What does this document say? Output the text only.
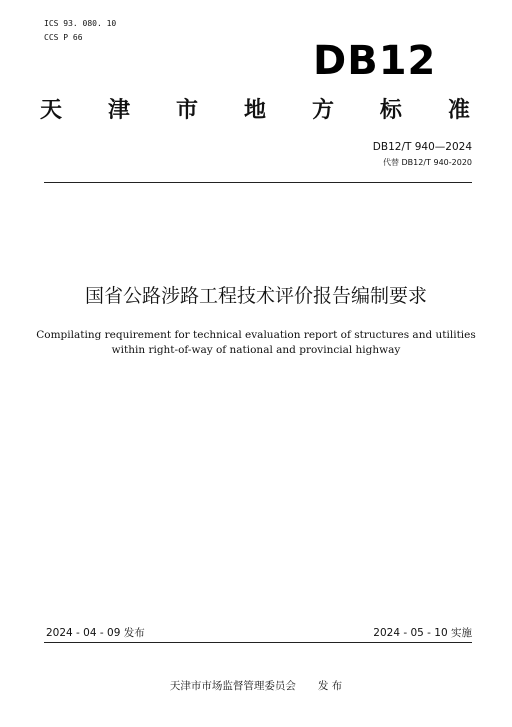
ICS 93. 080. 10
CCS P 66
DB12
天 津 市 地 方 标 准
DB12/T 940—2024
代替 DB12/T 940-2020
国省公路涉路工程技术评价报告编制要求
Compilating requirement for technical evaluation report of structures and utilities
within right-of-way of national and provincial highway
2024 - 04 - 09 发布	2024 - 05 - 10 实施
天津市市场监督管理委员会 发 布
